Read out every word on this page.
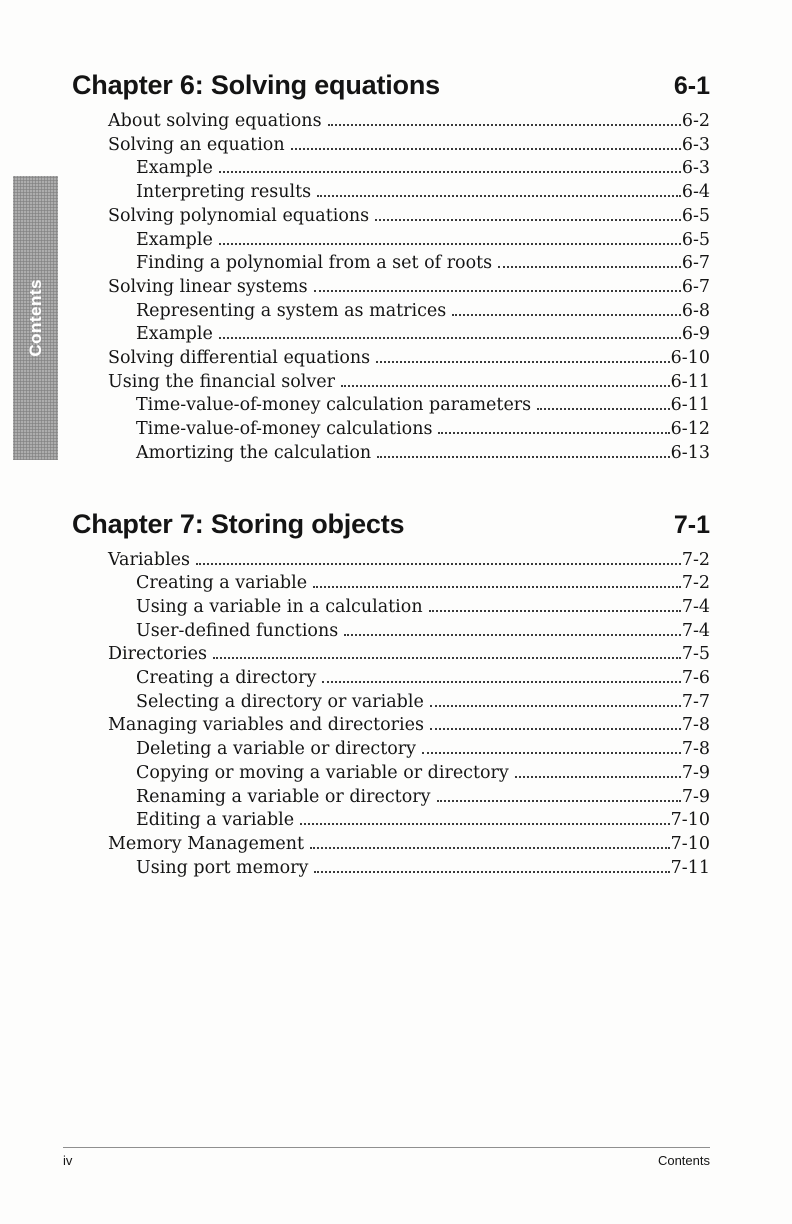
Contents
Chapter 6: Solving equations	6-1
About solving equations	6-2
Solving an equation	6-3
Example	6-3
Interpreting results	6-4
Solving polynomial equations	6-5
Example	6-5
Finding a polynomial from a set of roots	6-7
Solving linear systems	6-7
Representing a system as matrices	6-8
Example	6-9
Solving differential equations	6-10
Using the financial solver	6-11
Time-value-of-money calculation parameters	6-11
Time-value-of-money calculations	6-12
Amortizing the calculation	6-13
Chapter 7: Storing objects	7-1
Variables	7-2
Creating a variable	7-2
Using a variable in a calculation	7-4
User-defined functions	7-4
Directories	7-5
Creating a directory	7-6
Selecting a directory or variable	7-7
Managing variables and directories	7-8
Deleting a variable or directory	7-8
Copying or moving a variable or directory	7-9
Renaming a variable or directory	7-9
Editing a variable	7-10
Memory Management	7-10
Using port memory	7-11
iv	Contents
